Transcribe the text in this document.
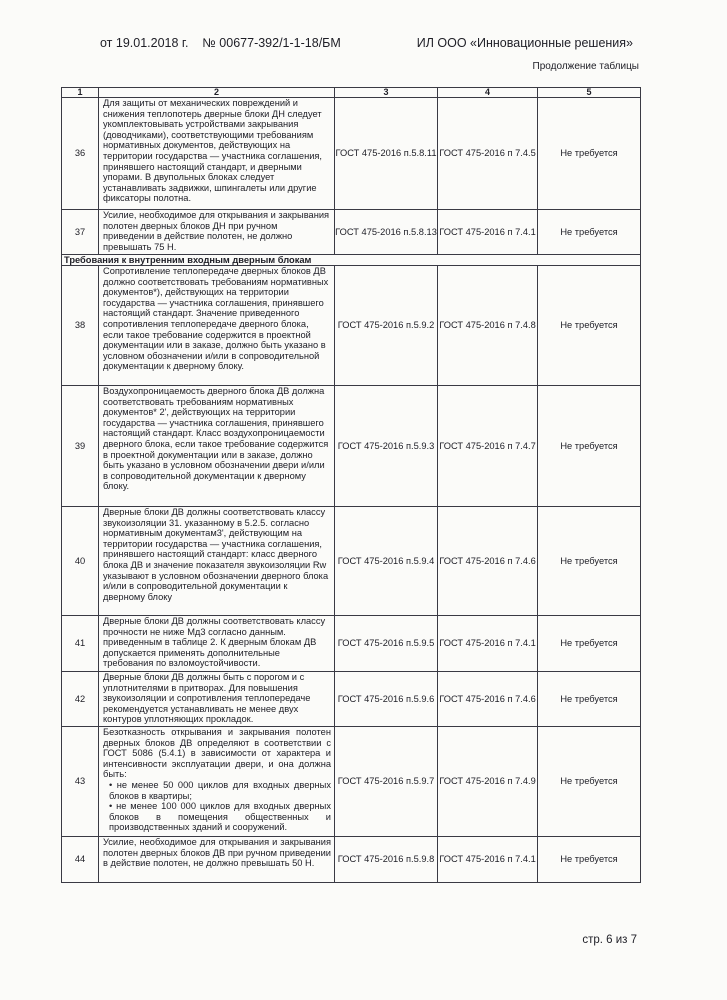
от 19.01.2018 г. № 00677-392/1-1-18/БМ	ИЛ ООО «Инновационные решения»
Продолжение таблицы
1	2	3	4	5
36	Для защиты от механических повреждений и снижения теплопотерь дверные блоки ДН следует укомплектовывать устройствами закрывания (доводчиками), соответствующими требованиям нормативных документов, действующих на территории государства — участника соглашения, принявшего настоящий стандарт, и дверными упорами. В двупольных блоках следует устанавливать задвижки, шпингалеты или другие фиксаторы полотна.	ГОСТ 475-2016 п.5.8.11	ГОСТ 475-2016 п 7.4.5	Не требуется
37	Усилие, необходимое для открывания и закрывания полотен дверных блоков ДН при ручном приведении в действие полотен, не должно превышать 75 Н.	ГОСТ 475-2016 п.5.8.13	ГОСТ 475-2016 п 7.4.1	Не требуется
Требования к внутренним входным дверным блокам				
38	Сопротивление теплопередаче дверных блоков ДВ должно соответствовать требованиям нормативных документов*), действующих на территории государства — участника соглашения, принявшего настоящий стандарт. Значение приведенного сопротивления теплопередаче дверного блока, если такое требование содержится в проектной документации или в заказе, должно быть указано в условном обозначении и/или в сопроводительной документации к дверному блоку.	ГОСТ 475-2016 п.5.9.2	ГОСТ 475-2016 п 7.4.8	Не требуется
39	Воздухопроницаемость дверного блока ДВ должна соответствовать требованиям нормативных документов* 2', действующих на территории государства — участника соглашения, принявшего настоящий стандарт. Класс воздухопроницаемости дверного блока, если такое требование содержится в проектной документации или в заказе, должно быть указано в условном обозначении двери и/или в сопроводительной документации к дверному блоку.	ГОСТ 475-2016 п.5.9.3	ГОСТ 475-2016 п 7.4.7	Не требуется
40	Дверные блоки ДВ должны соответствовать классу звукоизоляции 31. указанному в 5.2.5. согласно нормативным документам3', действующим на территории государства — участника соглашения, принявшего настоящий стандарт: класс дверного блока ДВ и значение показателя звукоизоляции Rw указывают в условном обозначении дверного блока и/или в сопроводительной документации к дверному блоку	ГОСТ 475-2016 п.5.9.4	ГОСТ 475-2016 п 7.4.6	Не требуется
41	Дверные блоки ДВ должны соответствовать классу прочности не ниже Мд3 согласно данным. приведенным в таблице 2. К дверным блокам ДВ допускается применять дополнительные требования по взломоустойчивости.	ГОСТ 475-2016 п.5.9.5	ГОСТ 475-2016 п 7.4.1	Не требуется
42	Дверные блоки ДВ должны быть с порогом и с уплотнителями в притворах. Для повышения звукоизоляции и сопротивления теплопередаче рекомендуется устанавливать не менее двух контуров уплотняющих прокладок.	ГОСТ 475-2016 п.5.9.6	ГОСТ 475-2016 п 7.4.6	Не требуется
43	Безотказность открывания и закрывания полотен дверных блоков ДВ определяют в соответствии с ГОСТ 5086 (5.4.1) в зависимости от характера и интенсивности эксплуатации двери, и она должна быть:
• не менее 50 000 циклов для входных дверных блоков в квартиры;
• не менее 100 000 циклов для входных дверных блоков в помещения общественных и производственных зданий и сооружений.	ГОСТ 475-2016 п.5.9.7	ГОСТ 475-2016 п 7.4.9	Не требуется
44	Усилие, необходимое для открывания и закрывания полотен дверных блоков ДВ при ручном приведении в действие полотен, не должно превышать 50 Н.	ГОСТ 475-2016 п.5.9.8	ГОСТ 475-2016 п 7.4.1	Не требуется
стр. 6 из 7
